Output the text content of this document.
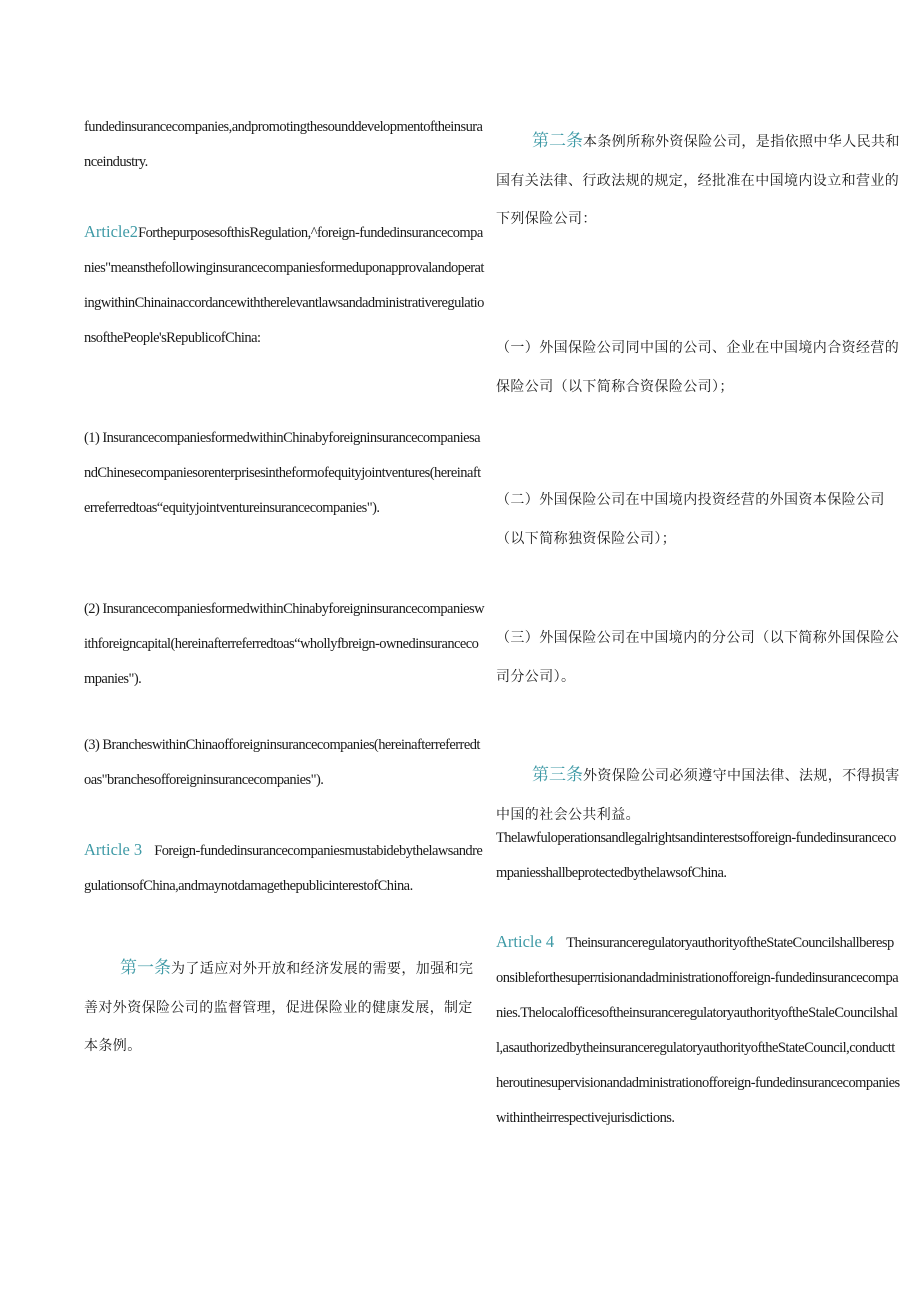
fundedinsurancecompanies,andpromotingthesounddevelopmentoftheinsuranceindustry.
Article2ForthepurposesofthisRegulation,^foreign-fundedinsurancecompanies"meansthefollowinginsurancecompaniesformeduponapprovalandoperatingwithinChinainaccordancewiththerelevantlawsandadministrativeregulationsofthePeople'sRepublicofChina:
(1) InsurancecompaniesformedwithinChinabyforeigninsurancecompaniesandChinesecompaniesorenterprisesintheformofequityjointventures(hereinafterreferredtoas“equityjointventureinsurancecompanies").
(2) InsurancecompaniesformedwithinChinabyforeigninsurancecompanieswithforeigncapital(hereinafterreferredtoas“whollyfbreign-ownedinsurancecompanies").
(3) BrancheswithinChinaofforeigninsurancecompanies(hereinafterreferredtoas"branchesofforeigninsurancecompanies").
Article 3 Foreign-fundedinsurancecompaniesmustabidebythelawsandregulationsofChina,andmaynotdamagethepublicinterestofChina.
第一条为了适应对外开放和经济发展的需要，加强和完善对外资保险公司的监督管理，促进保险业的健康发展，制定本条例。
第二条本条例所称外资保险公司，是指依照中华人民共和国有关法律、行政法规的规定，经批准在中国境内设立和营业的下列保险公司：
（一）外国保险公司同中国的公司、企业在中国境内合资经营的保险公司（以下简称合资保险公司）；
（二）外国保险公司在中国境内投资经营的外国资本保险公司（以下简称独资保险公司）；
（三）外国保险公司在中国境内的分公司（以下简称外国保险公司分公司）。
第三条外资保险公司必须遵守中国法律、法规，不得损害中国的社会公共利益。
Thelawfuloperationsandlegalrightsandinterestsofforeign-fundedinsurancecompaniesshallbeprotectedbythelawsofChina.
Article 4 TheinsuranceregulatoryauthorityoftheStateCouncilshallberesponsibleforthesuperπisionandadministrationofforeign-fundedinsurancecompanies.ThelocalofficesoftheinsuranceregulatoryauthorityoftheStaleCouncilshall,asauthorizedbytheinsuranceregulatoryauthorityoftheStateCouncil,conducttheroutinesupervisionandadministrationofforeign-fundedinsurancecompanieswithintheirrespectivejurisdictions.
